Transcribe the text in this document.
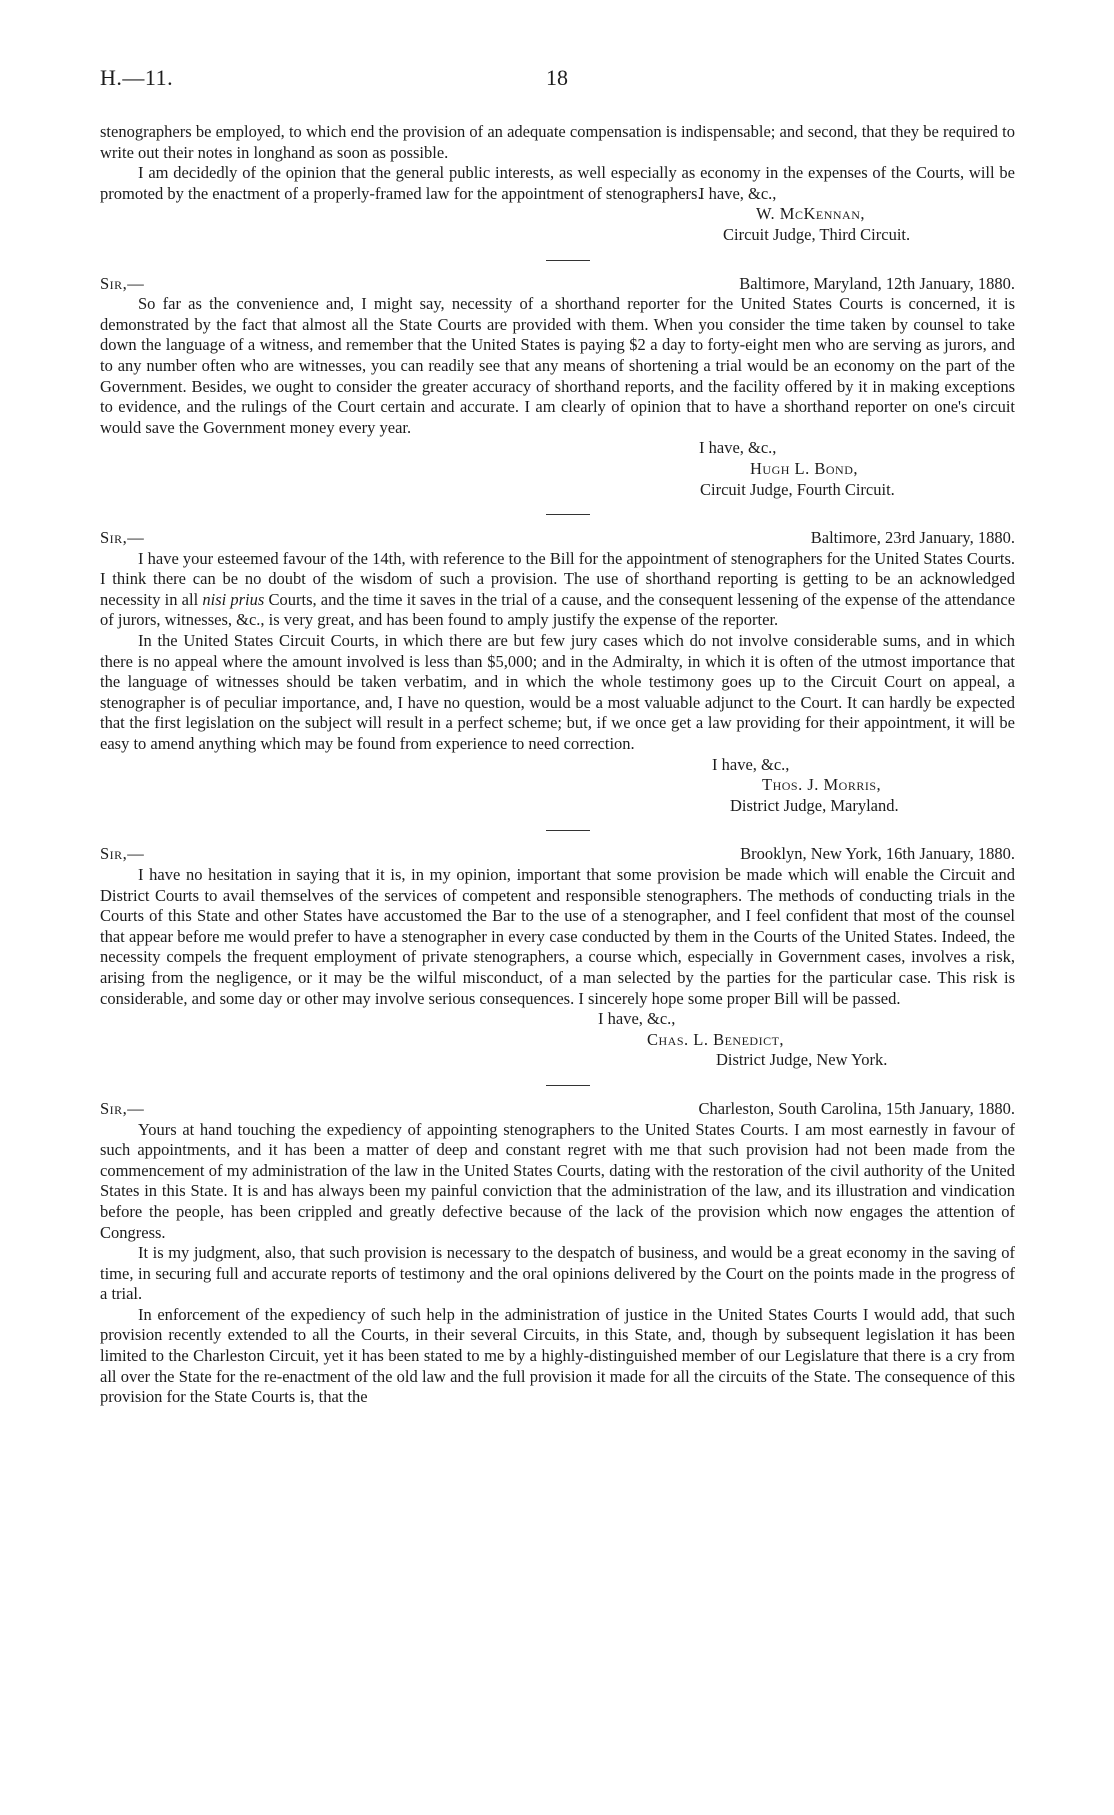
H.—11.	18

stenographers be employed, to which end the provision of an adequate compensation is indispensable; and second, that they be required to write out their notes in longhand as soon as possible.

I am decidedly of the opinion that the general public interests, as well especially as economy in the expenses of the Courts, will be promoted by the enactment of a properly-framed law for the appointment of stenographers.

I have, &c.,
W. McKennan,
Circuit Judge, Third Circuit.
Sir,—	Baltimore, Maryland, 12th January, 1880.

So far as the convenience and, I might say, necessity of a shorthand reporter for the United States Courts is concerned, it is demonstrated by the fact that almost all the State Courts are provided with them. When you consider the time taken by counsel to take down the language of a witness, and remember that the United States is paying $2 a day to forty-eight men who are serving as jurors, and to any number often who are witnesses, you can readily see that any means of shortening a trial would be an economy on the part of the Government. Besides, we ought to consider the greater accuracy of shorthand reports, and the facility offered by it in making exceptions to evidence, and the rulings of the Court certain and accurate. I am clearly of opinion that to have a shorthand reporter on one's circuit would save the Government money every year.

I have, &c.,
Hugh L. Bond,
Circuit Judge, Fourth Circuit.
Sir,—	Baltimore, 23rd January, 1880.

I have your esteemed favour of the 14th, with reference to the Bill for the appointment of stenographers for the United States Courts. I think there can be no doubt of the wisdom of such a provision. The use of shorthand reporting is getting to be an acknowledged necessity in all nisi prius Courts, and the time it saves in the trial of a cause, and the consequent lessening of the expense of the attendance of jurors, witnesses, &c., is very great, and has been found to amply justify the expense of the reporter.

In the United States Circuit Courts, in which there are but few jury cases which do not involve considerable sums, and in which there is no appeal where the amount involved is less than $5,000; and in the Admiralty, in which it is often of the utmost importance that the language of witnesses should be taken verbatim, and in which the whole testimony goes up to the Circuit Court on appeal, a stenographer is of peculiar importance, and, I have no question, would be a most valuable adjunct to the Court. It can hardly be expected that the first legislation on the subject will result in a perfect scheme; but, if we once get a law providing for their appointment, it will be easy to amend anything which may be found from experience to need correction.

I have, &c.,
Thos. J. Morris,
District Judge, Maryland.
Sir,—	Brooklyn, New York, 16th January, 1880.

I have no hesitation in saying that it is, in my opinion, important that some provision be made which will enable the Circuit and District Courts to avail themselves of the services of competent and responsible stenographers. The methods of conducting trials in the Courts of this State and other States have accustomed the Bar to the use of a stenographer, and I feel confident that most of the counsel that appear before me would prefer to have a stenographer in every case conducted by them in the Courts of the United States. Indeed, the necessity compels the frequent employment of private stenographers, a course which, especially in Government cases, involves a risk, arising from the negligence, or it may be the wilful misconduct, of a man selected by the parties for the particular case. This risk is considerable, and some day or other may involve serious consequences. I sincerely hope some proper Bill will be passed.

I have, &c.,
Chas. L. Benedict,
District Judge, New York.
Sir,—	Charleston, South Carolina, 15th January, 1880.

Yours at hand touching the expediency of appointing stenographers to the United States Courts. I am most earnestly in favour of such appointments, and it has been a matter of deep and constant regret with me that such provision had not been made from the commencement of my administration of the law in the United States Courts, dating with the restoration of the civil authority of the United States in this State. It is and has always been my painful conviction that the administration of the law, and its illustration and vindication before the people, has been crippled and greatly defective because of the lack of the provision which now engages the attention of Congress.

It is my judgment, also, that such provision is necessary to the despatch of business, and would be a great economy in the saving of time, in securing full and accurate reports of testimony and the oral opinions delivered by the Court on the points made in the progress of a trial.

In enforcement of the expediency of such help in the administration of justice in the United States Courts I would add, that such provision recently extended to all the Courts, in their several Circuits, in this State, and, though by subsequent legislation it has been limited to the Charleston Circuit, yet it has been stated to me by a highly-distinguished member of our Legislature that there is a cry from all over the State for the re-enactment of the old law and the full provision it made for all the circuits of the State. The consequence of this provision for the State Courts is, that the
